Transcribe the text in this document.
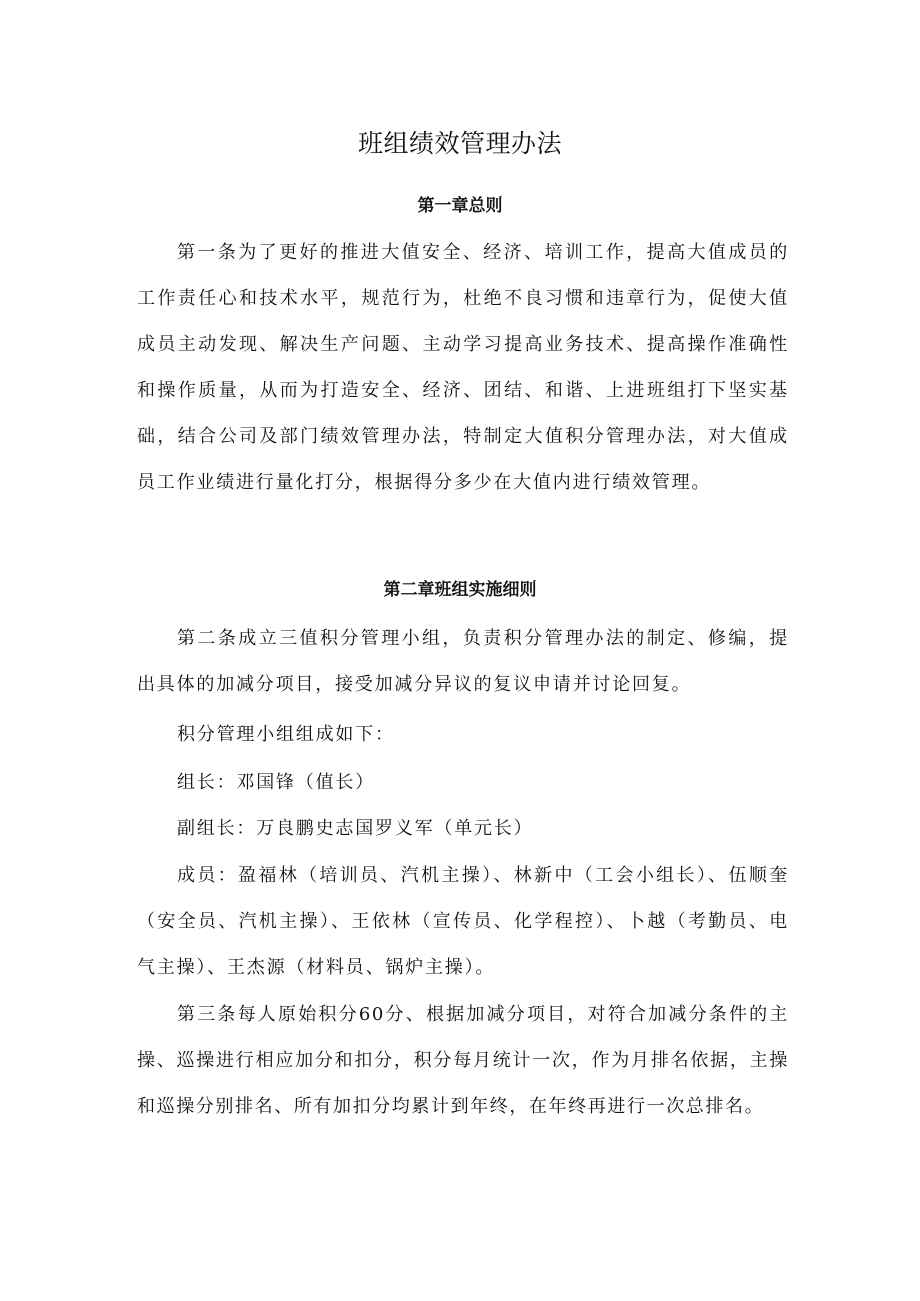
班组绩效管理办法
第一章总则

第一条为了更好的推进大值安全、经济、培训工作，提高大值成员的工作责任心和技术水平，规范行为，杜绝不良习惯和违章行为，促使大值成员主动发现、解决生产问题、主动学习提高业务技术、提高操作准确性和操作质量，从而为打造安全、经济、团结、和谐、上进班组打下坚实基础，结合公司及部门绩效管理办法，特制定大值积分管理办法，对大值成员工作业绩进行量化打分，根据得分多少在大值内进行绩效管理。

第二章班组实施细则

第二条成立三值积分管理小组，负责积分管理办法的制定、修编，提出具体的加减分项目，接受加减分异议的复议申请并讨论回复。

积分管理小组组成如下：

组长：邓国锋（值长）

副组长：万良鹏史志国罗义军（单元长）

成员：盈福林（培训员、汽机主操）、林新中（工会小组长）、伍顺奎（安全员、汽机主操）、王依林（宣传员、化学程控）、卜越（考勤员、电气主操）、王杰源（材料员、锅炉主操）。

第三条每人原始积分60分、根据加减分项目，对符合加减分条件的主操、巡操进行相应加分和扣分，积分每月统计一次，作为月排名依据，主操和巡操分别排名、所有加扣分均累计到年终，在年终再进行一次总排名。
